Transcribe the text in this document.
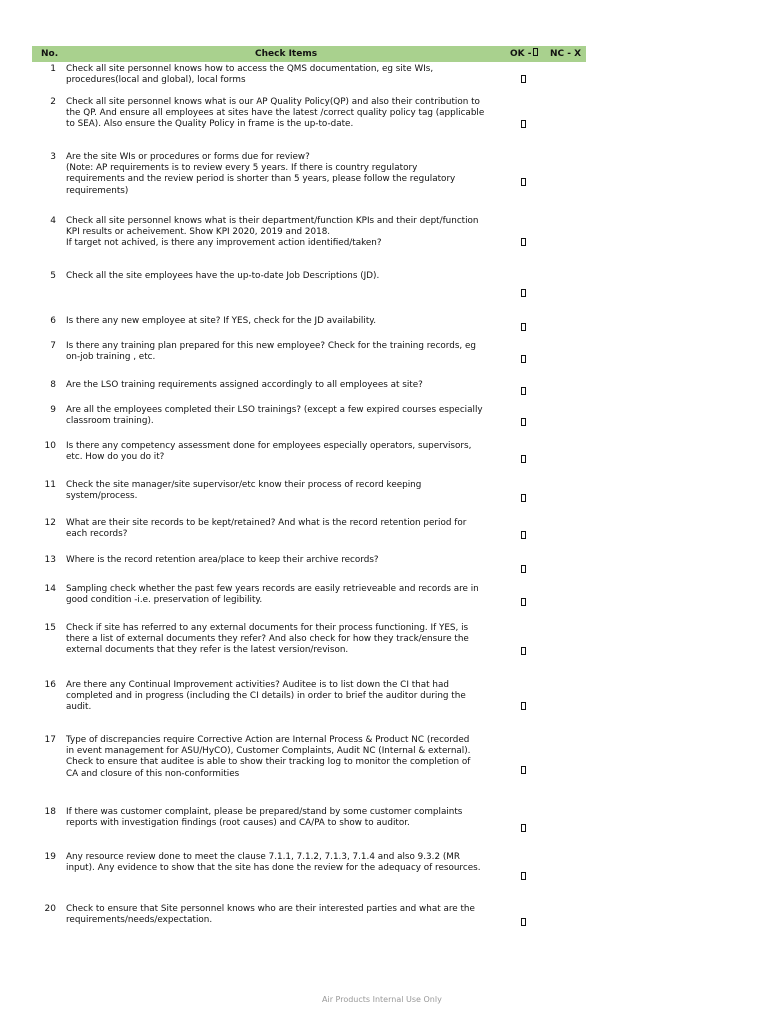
No.	Check Items	OK - NC - X
1 Check all site personnel knows how to access the QMS documentation, eg site WIs,
procedures(local and global), local forms
2 Check all site personnel knows what is our AP Quality Policy(QP) and also their contribution to
the QP. And ensure all employees at sites have the latest /correct quality policy tag (applicable
to SEA). Also ensure the Quality Policy in frame is the up-to-date.
3 Are the site WIs or procedures or forms due for review?
(Note: AP requirements is to review every 5 years. If there is country regulatory
requirements and the review period is shorter than 5 years, please follow the regulatory
requirements)
4 Check all site personnel knows what is their department/function KPIs and their dept/function
KPI results or acheivement. Show KPI 2020, 2019 and 2018.
If target not achived, is there any improvement action identified/taken?
5 Check all the site employees have the up-to-date Job Descriptions (JD).
6 Is there any new employee at site? If YES, check for the JD availability.
7 Is there any training plan prepared for this new employee? Check for the training records, eg
on-job training , etc.
8 Are the LSO training requirements assigned accordingly to all employees at site?
9 Are all the employees completed their LSO trainings? (except a few expired courses especially
classroom training).
10 Is there any competency assessment done for employees especially operators, supervisors,
etc. How do you do it?
11 Check the site manager/site supervisor/etc know their process of record keeping
system/process.
12 What are their site records to be kept/retained? And what is the record retention period for
each records?
13 Where is the record retention area/place to keep their archive records?
14 Sampling check whether the past few years records are easily retrieveable and records are in
good condition -i.e. preservation of legibility.
15 Check if site has referred to any external documents for their process functioning. If YES, is
there a list of external documents they refer? And also check for how they track/ensure the
external documents that they refer is the latest version/revison.
16 Are there any Continual Improvement activities? Auditee is to list down the CI that had
completed and in progress (including the CI details) in order to brief the auditor during the
audit.
17 Type of discrepancies require Corrective Action are Internal Process & Product NC (recorded
in event management for ASU/HyCO), Customer Complaints, Audit NC (Internal & external).
Check to ensure that auditee is able to show their tracking log to monitor the completion of
CA and closure of this non-conformities
18 If there was customer complaint, please be prepared/stand by some customer complaints
reports with investigation findings (root causes) and CA/PA to show to auditor.
19 Any resource review done to meet the clause 7.1.1, 7.1.2, 7.1.3, 7.1.4 and also 9.3.2 (MR
input). Any evidence to show that the site has done the review for the adequacy of resources.
20 Check to ensure that Site personnel knows who are their interested parties and what are the
requirements/needs/expectation.
Air Products Internal Use Only
